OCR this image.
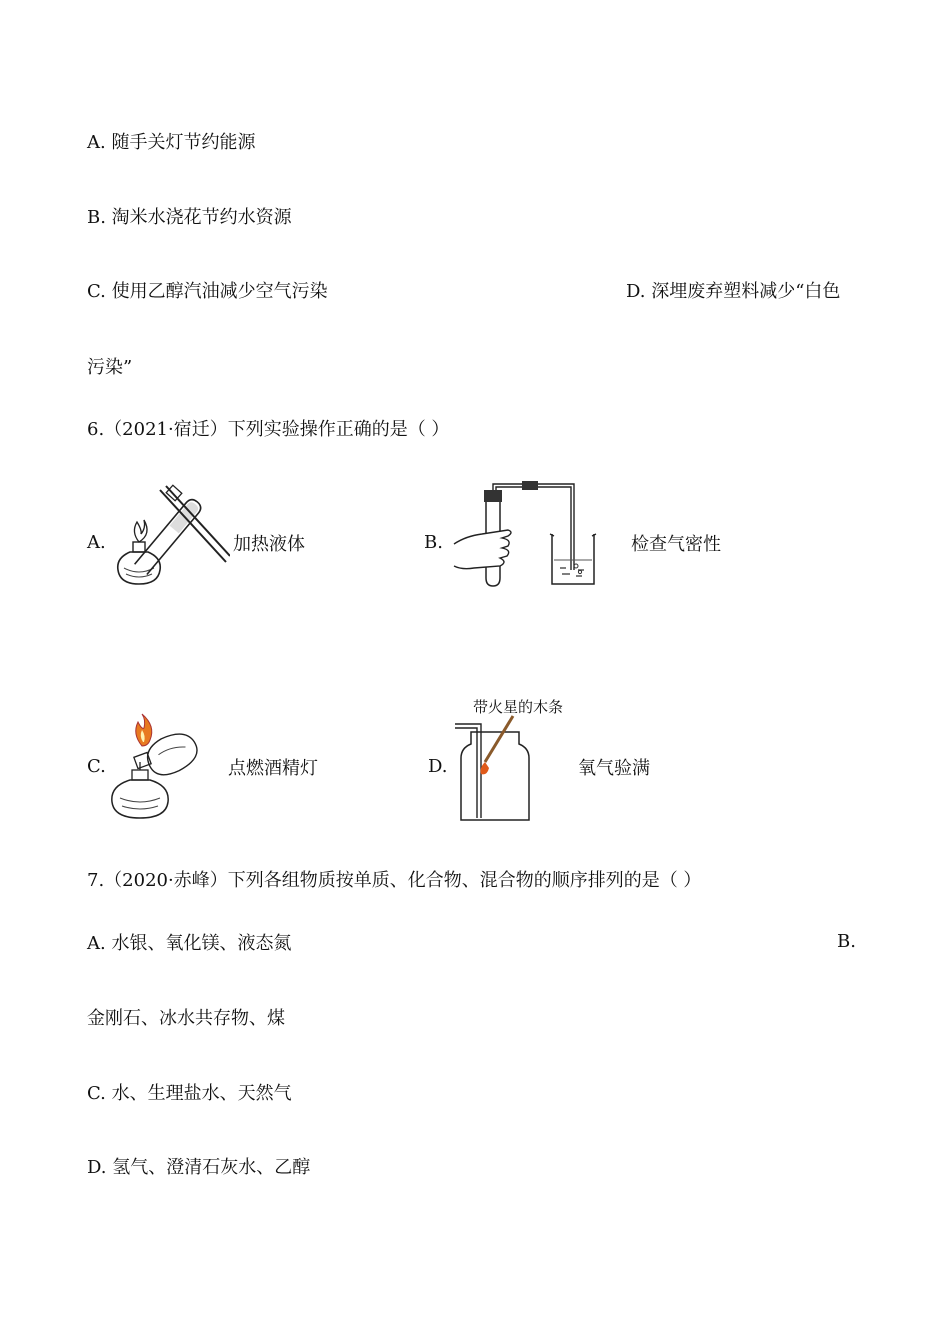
A. 随手关灯节约能源
B. 淘米水浇花节约水资源
C. 使用乙醇汽油减少空气污染	D. 深埋废弃塑料减少“白色
污染”
6.（2021·宿迁）下列实验操作正确的是（ ）
A.	加热液体	B.	检查气密性
C.	点燃酒精灯	D.
带火星的木条
氧气验满
7.（2020·赤峰）下列各组物质按单质、化合物、混合物的顺序排列的是（ ）
A. 水银、氧化镁、液态氮	B.
金刚石、冰水共存物、煤
C. 水、生理盐水、天然气
D. 氢气、澄清石灰水、乙醇
